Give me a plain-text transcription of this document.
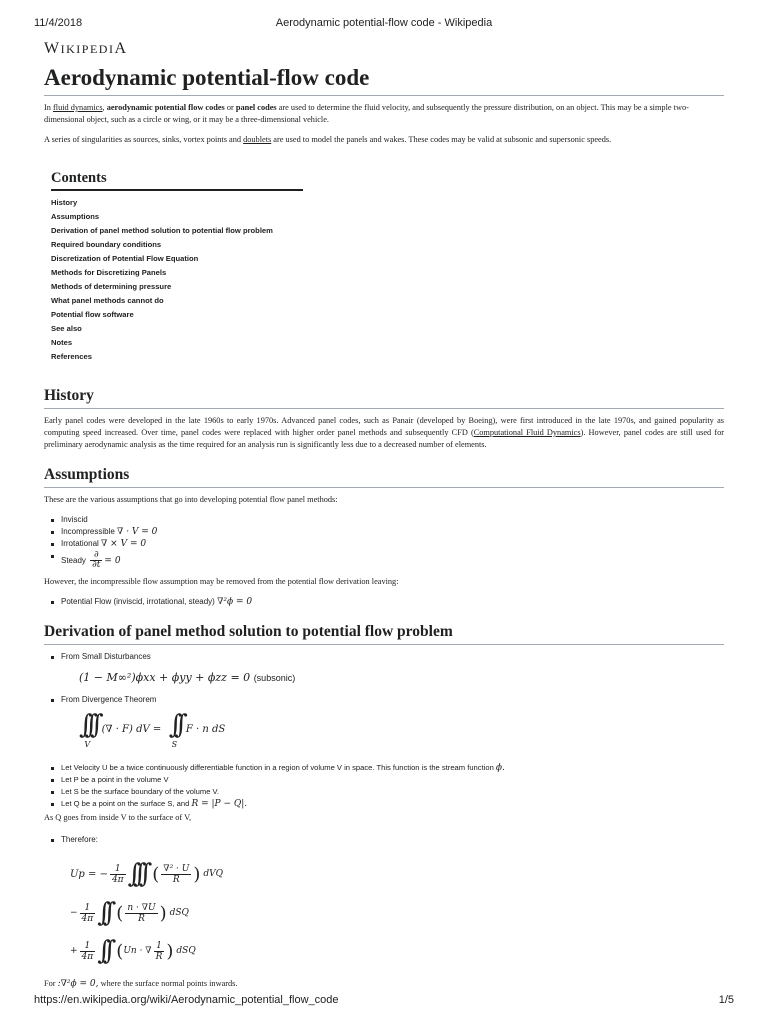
11/4/2018	Aerodynamic potential-flow code - Wikipedia
WIKIPEDIA
Aerodynamic potential-flow code

In fluid dynamics, aerodynamic potential flow codes or panel codes are used to determine the fluid velocity, and subsequently the pressure distribution, on an object. This may be a simple two-dimensional object, such as a circle or wing, or it may be a three-dimensional vehicle.

A series of singularities as sources, sinks, vortex points and doublets are used to model the panels and wakes. These codes may be valid at subsonic and supersonic speeds.

Contents
History
Assumptions
Derivation of panel method solution to potential flow problem
Required boundary conditions
Discretization of Potential Flow Equation
Methods for Discretizing Panels
Methods of determining pressure
What panel methods cannot do
Potential flow software
See also
Notes
References
History

Early panel codes were developed in the late 1960s to early 1970s. Advanced panel codes, such as Panair (developed by Boeing), were first introduced in the late 1970s, and gained popularity as computing speed increased. Over time, panel codes were replaced with higher order panel methods and subsequently CFD (Computational Fluid Dynamics). However, panel codes are still used for preliminary aerodynamic analysis as the time required for an analysis run is significantly less due to a decreased number of elements.

Assumptions

These are the various assumptions that go into developing potential flow panel methods:

Inviscid
Incompressible ∇ · V = 0
Irrotational ∇ × V = 0
Steady $\frac{\partial}{\partial t} = 0$

However, the incompressible flow assumption may be removed from the potential flow derivation leaving:

Potential Flow (inviscid, irrotational, steady) ∇²ϕ = 0
Derivation of panel method solution to potential flow problem
From Small Disturbances
(1 − M∞²)ϕxx + ϕyy + ϕzz = 0 (subsonic)
From Divergence Theorem
∫∫∫
V
(∇ · F) dV = ∫∫
S
F · n dS
Let Velocity U be a twice continuously differentiable function in a region of volume V in space. This function is the stream function ϕ.
Let P be a point in the volume V
Let S be the surface boundary of the volume V.
Let Q be a point on the surface S, and R = |P − Q|.

As Q goes from inside V to the surface of V,

Therefore:
Up = − $\frac{1}{4\pi}$ ∫∫∫ ( $\frac{\text{∇² · U}}{R}$ ) dVQ
− $\frac{1}{4\pi}$ ∫∫ ( $\frac{n \cdot \nabla U}{R}$ ) dSQ
+ $\frac{1}{4\pi}$ ∫∫ ( Un · ∇ $\frac{1}{R}$ ) dSQ

For :∇²ϕ = 0, where the surface normal points inwards.

https://en.wikipedia.org/wiki/Aerodynamic_potential_flow_code	1/5
